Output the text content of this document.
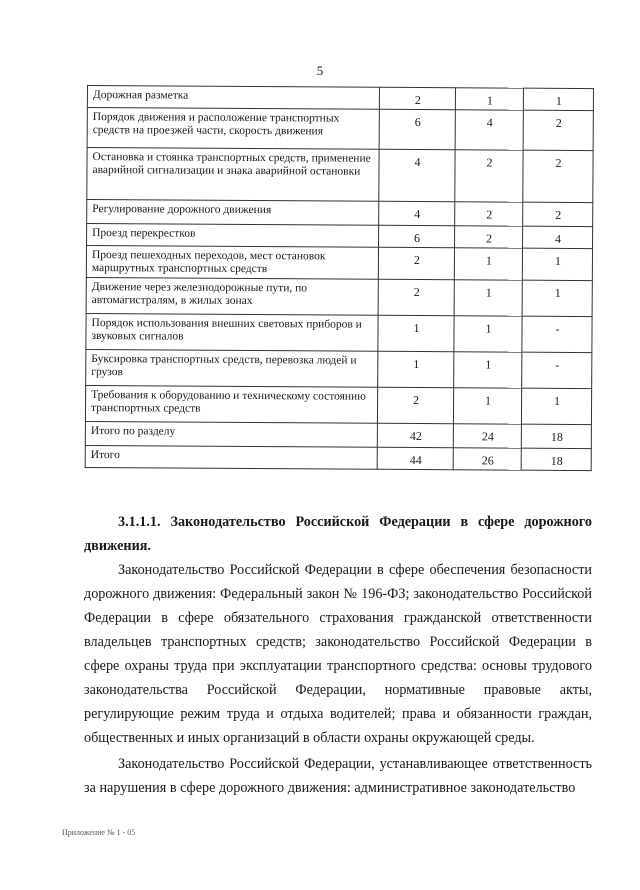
5
Дорожная разметка	2	1	1
Порядок движения и расположение транспортных средств на проезжей части, скорость движения	6	4	2
Остановка и стоянка транспортных средств, применение аварийной сигнализации и знака аварийной остановки	4	2	2
Регулирование дорожного движения	4	2	2
Проезд перекрестков	6	2	4
Проезд пешеходных переходов, мест остановок маршрутных транспортных средств	2	1	1
Движение через железнодорожные пути, по автомагистралям, в жилых зонах	2	1	1
Порядок использования внешних световых приборов и звуковых сигналов	1	1	-
Буксировка транспортных средств, перевозка людей и грузов	1	1	-
Требования к оборудованию и техническому состоянию транспортных средств	2	1	1
Итого по разделу	42	24	18
Итого	44	26	18
3.1.1.1. Законодательство Российской Федерации в сфере дорожного движения.
Законодательство Российской Федерации в сфере обеспечения безопасности дорожного движения: Федеральный закон № 196-ФЗ; законодательство Российской Федерации в сфере обязательного страхования гражданской ответственности владельцев транспортных средств; законодательство Российской Федерации в сфере охраны труда при эксплуатации транспортного средства: основы трудового законодательства Российской Федерации, нормативные правовые акты, регулирующие режим труда и отдыха водителей; права и обязанности граждан, общественных и иных организаций в области охраны окружающей среды.
Законодательство Российской Федерации, устанавливающее ответственность за нарушения в сфере дорожного движения: административное законодательство
Приложение № 1 - 05
